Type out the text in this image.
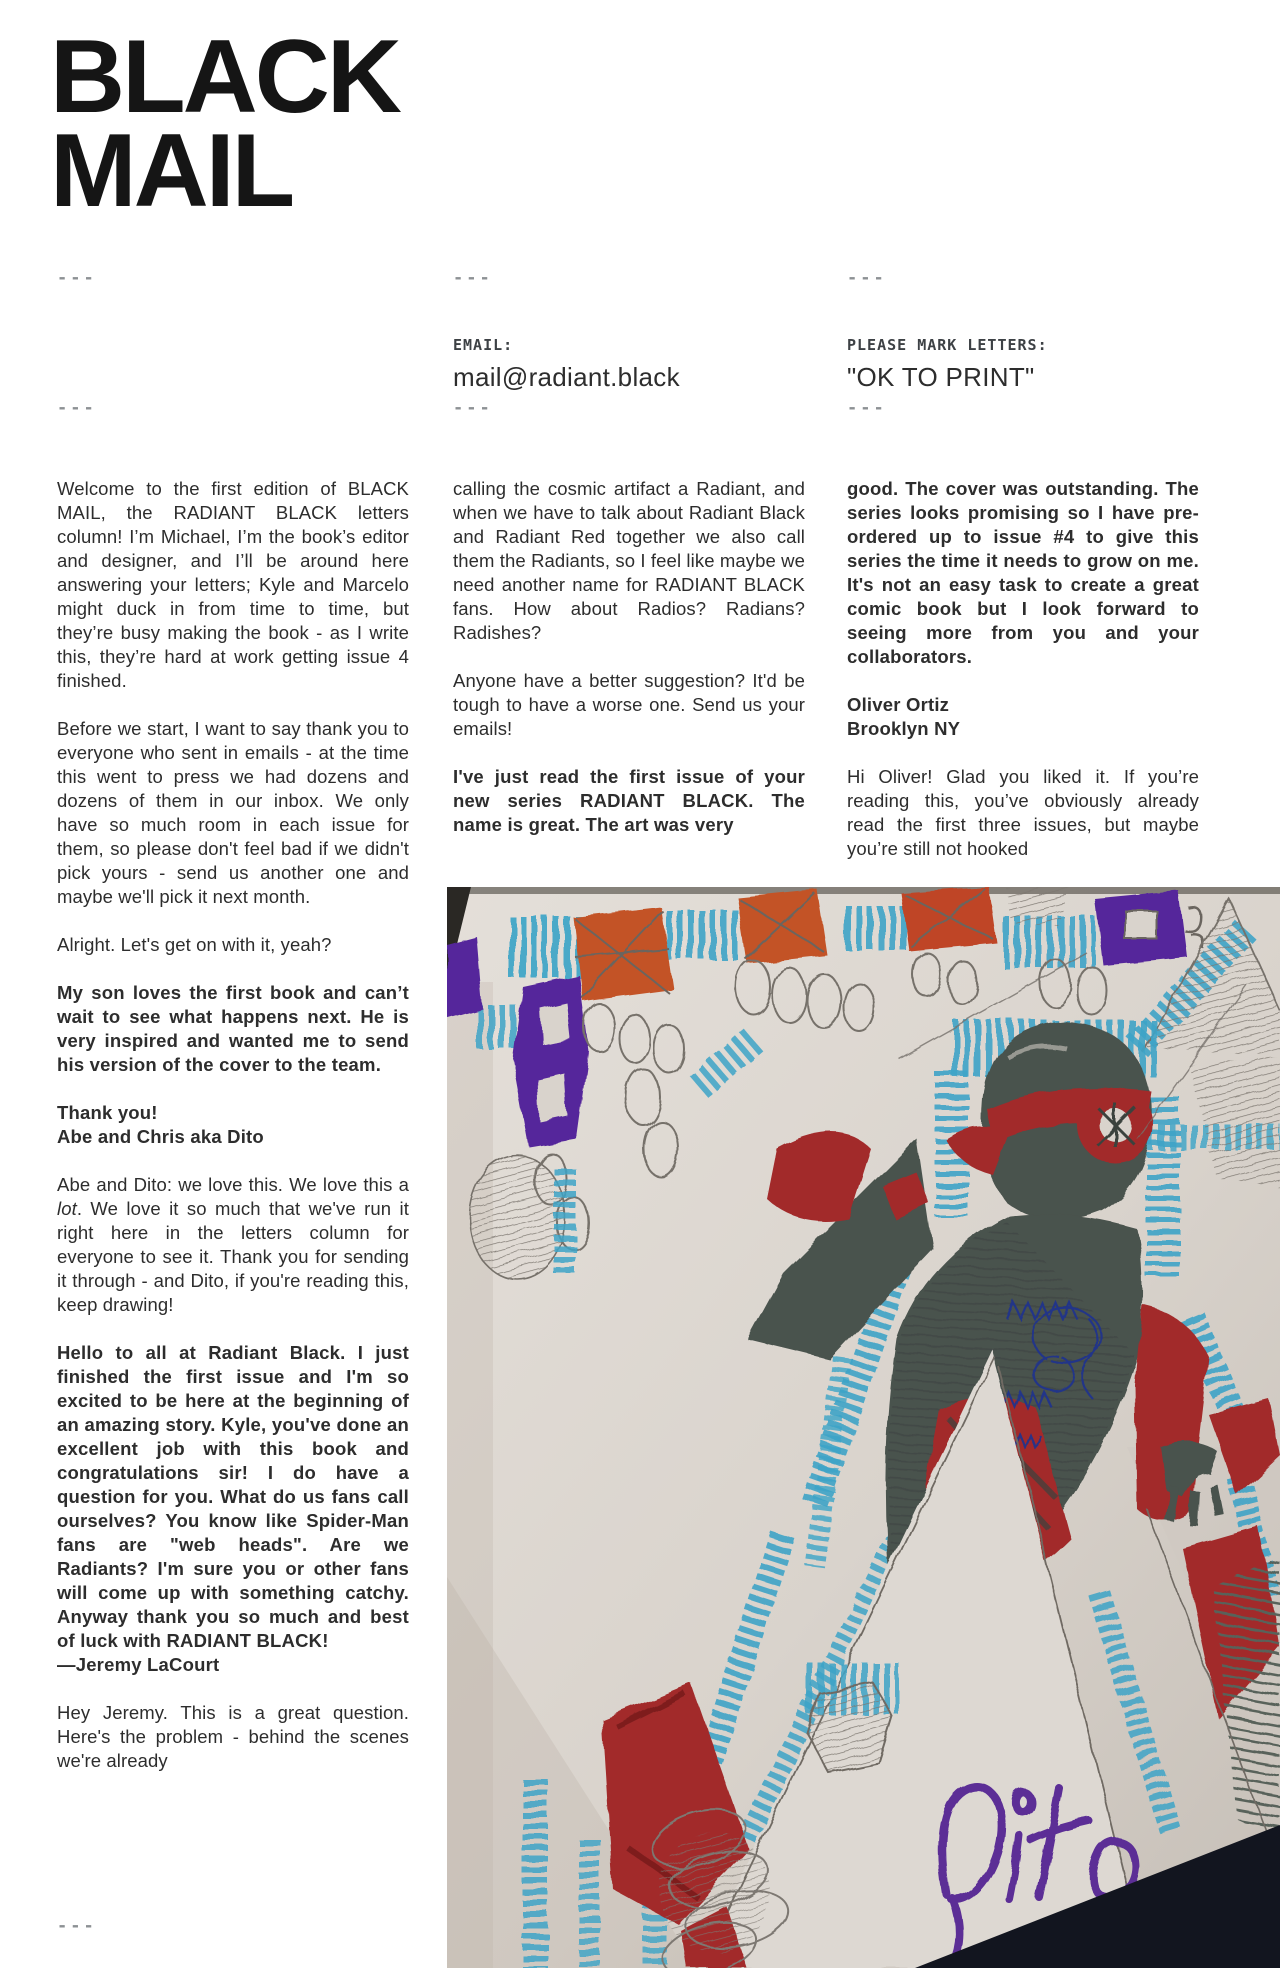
BLACK
MAIL
---	---	---
---	---	---
---
EMAIL:
mail@radiant.black
PLEASE MARK LETTERS:
"OK TO PRINT"

Welcome to the first edition of BLACK MAIL, the RADIANT BLACK letters column! I’m Michael, I’m the book’s editor and designer, and I’ll be around here answering your letters; Kyle and Marcelo might duck in from time to time, but they’re busy making the book - as I write this, they’re hard at work getting issue 4 finished.

Before we start, I want to say thank you to everyone who sent in emails - at the time this went to press we had dozens and dozens of them in our inbox. We only have so much room in each issue for them, so please don't feel bad if we didn't pick yours - send us another one and maybe we'll pick it next month.

Alright. Let's get on with it, yeah?

My son loves the first book and can’t wait to see what happens next. He is very inspired and wanted me to send his version of the cover to the team.

Thank you!

Abe and Chris aka Dito

Abe and Dito: we love this. We love this a lot. We love it so much that we've run it right here in the letters column for everyone to see it. Thank you for sending it through - and Dito, if you're reading this, keep drawing!

Hello to all at Radiant Black. I just finished the first issue and I'm so excited to be here at the beginning of an amazing story. Kyle, you've done an excellent job with this book and congratulations sir! I do have a question for you. What do us fans call ourselves? You know like Spider-Man fans are "web heads". Are we Radiants? I'm sure you or other fans will come up with something catchy. Anyway thank you so much and best of luck with RADIANT BLACK!

—Jeremy LaCourt

Hey Jeremy. This is a great question. Here's the problem - behind the scenes we're already

calling the cosmic artifact a Radiant, and when we have to talk about Radiant Black and Radiant Red together we also call them the Radiants, so I feel like maybe we need another name for RADIANT BLACK fans. How about Radios? Radians? Radishes?

Anyone have a better suggestion? It'd be tough to have a worse one. Send us your emails!

I've just read the first issue of your new series RADIANT BLACK. The name is great. The art was very

good. The cover was outstanding. The series looks promising so I have pre-ordered up to issue #4 to give this series the time it needs to grow on me. It's not an easy task to create a great comic book but I look forward to seeing more from you and your collaborators.

Oliver Ortiz

Brooklyn NY

Hi Oliver! Glad you liked it. If you’re reading this, you’ve obviously already read the first three issues, but maybe you’re still not hooked
